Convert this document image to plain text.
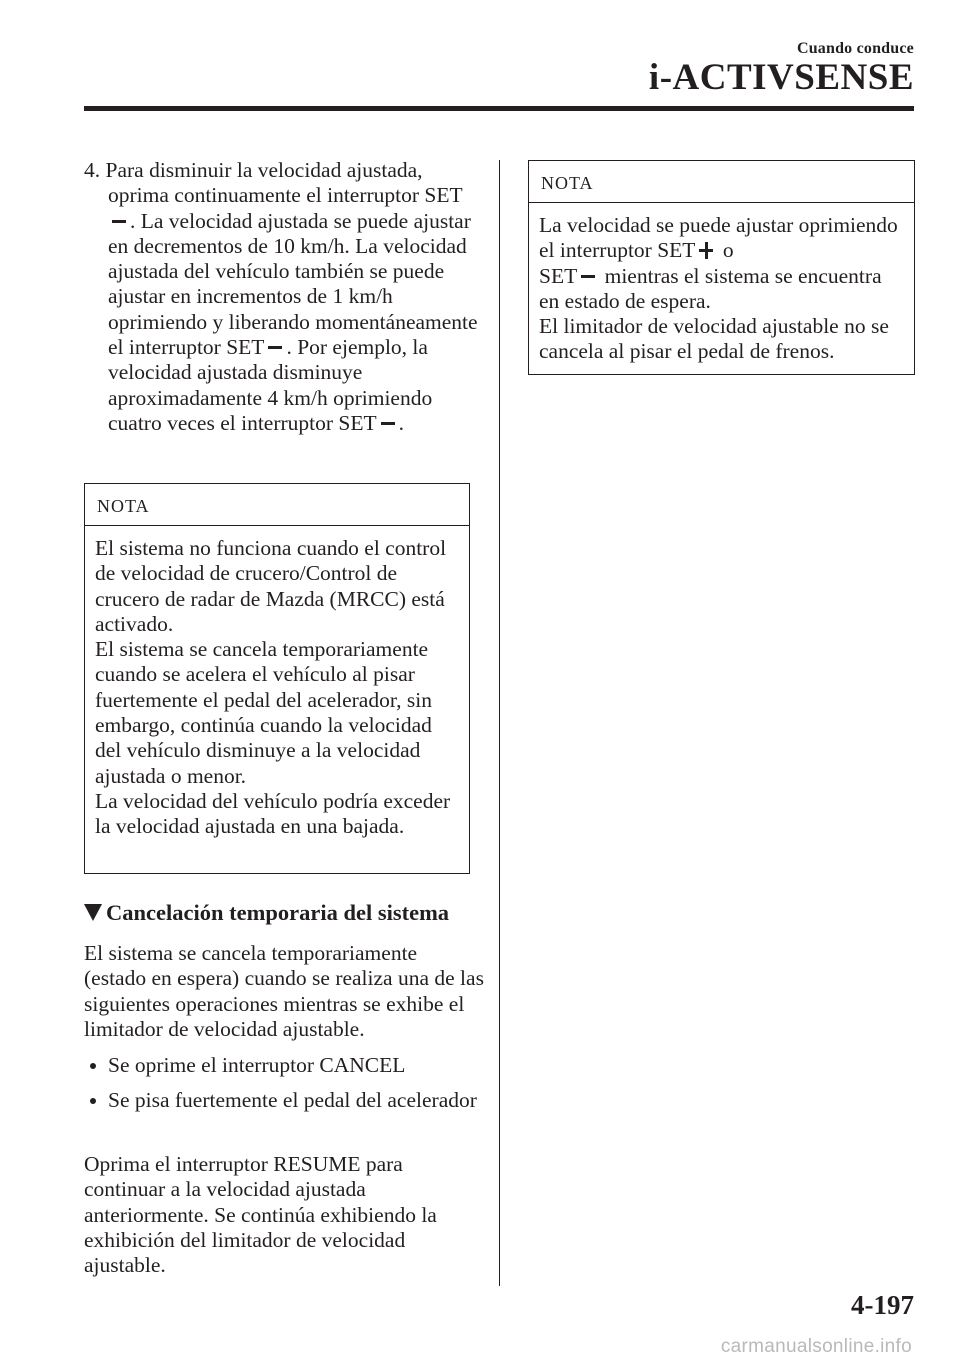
Cuando conduce
i-ACTIVSENSE
4. Para disminuir la velocidad ajustada, oprima continuamente el interruptor SET. La velocidad ajustada se puede ajustar en decrementos de 10 km/h. La velocidad ajustada del vehículo también se puede ajustar en incrementos de 1 km/h oprimiendo y liberando momentáneamente el interruptor SET . Por ejemplo, la velocidad ajustada disminuye aproximadamente 4 km/h oprimiendo cuatro veces el interruptor SET .
NOTA

El sistema no funciona cuando el control de velocidad de crucero/Control de crucero de radar de Mazda (MRCC) está activado.

El sistema se cancela temporariamente cuando se acelera el vehículo al pisar fuertemente el pedal del acelerador, sin embargo, continúa cuando la velocidad del vehículo disminuye a la velocidad ajustada o menor.

La velocidad del vehículo podría exceder la velocidad ajustada en una bajada.

NOTA

La velocidad se puede ajustar oprimiendo el interruptor SET o
SET mientras el sistema se encuentra en estado de espera.

El limitador de velocidad ajustable no se cancela al pisar el pedal de frenos.

Cancelación temporaria del sistema

El sistema se cancela temporariamente (estado en espera) cuando se realiza una de las siguientes operaciones mientras se exhibe el limitador de velocidad ajustable.

Se oprime el interruptor CANCEL
Se pisa fuertemente el pedal del acelerador

Oprima el interruptor RESUME para continuar a la velocidad ajustada anteriormente. Se continúa exhibiendo la exhibición del limitador de velocidad ajustable.

4-197
carmanualsonline.info
